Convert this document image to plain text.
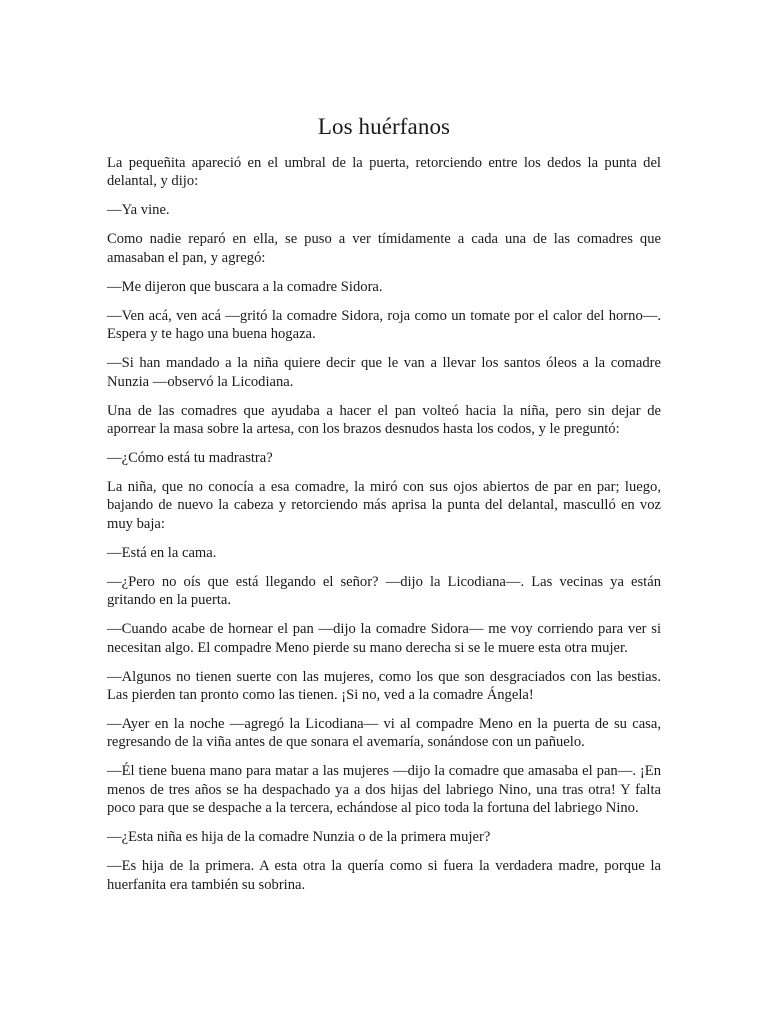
Los huérfanos

La pequeñita apareció en el umbral de la puerta, retorciendo entre los dedos la punta del delantal, y dijo:

—Ya vine.

Como nadie reparó en ella, se puso a ver tímidamente a cada una de las comadres que amasaban el pan, y agregó:

—Me dijeron que buscara a la comadre Sidora.

—Ven acá, ven acá —gritó la comadre Sidora, roja como un tomate por el calor del horno—. Espera y te hago una buena hogaza.

—Si han mandado a la niña quiere decir que le van a llevar los santos óleos a la comadre Nunzia —observó la Licodiana.

Una de las comadres que ayudaba a hacer el pan volteó hacia la niña, pero sin dejar de aporrear la masa sobre la artesa, con los brazos desnudos hasta los codos, y le preguntó:

—¿Cómo está tu madrastra?

La niña, que no conocía a esa comadre, la miró con sus ojos abiertos de par en par; luego, bajando de nuevo la cabeza y retorciendo más aprisa la punta del delantal, masculló en voz muy baja:

—Está en la cama.

—¿Pero no oís que está llegando el señor? —dijo la Licodiana—. Las vecinas ya están gritando en la puerta.

—Cuando acabe de hornear el pan —dijo la comadre Sidora— me voy corriendo para ver si necesitan algo. El compadre Meno pierde su mano derecha si se le muere esta otra mujer.

—Algunos no tienen suerte con las mujeres, como los que son desgraciados con las bestias. Las pierden tan pronto como las tienen. ¡Si no, ved a la comadre Ángela!

—Ayer en la noche —agregó la Licodiana— vi al compadre Meno en la puerta de su casa, regresando de la viña antes de que sonara el avemaría, sonándose con un pañuelo.

—Él tiene buena mano para matar a las mujeres —dijo la comadre que amasaba el pan—. ¡En menos de tres años se ha despachado ya a dos hijas del labriego Nino, una tras otra! Y falta poco para que se despache a la tercera, echándose al pico toda la fortuna del labriego Nino.

—¿Esta niña es hija de la comadre Nunzia o de la primera mujer?

—Es hija de la primera. A esta otra la quería como si fuera la verdadera madre, porque la huerfanita era también su sobrina.
